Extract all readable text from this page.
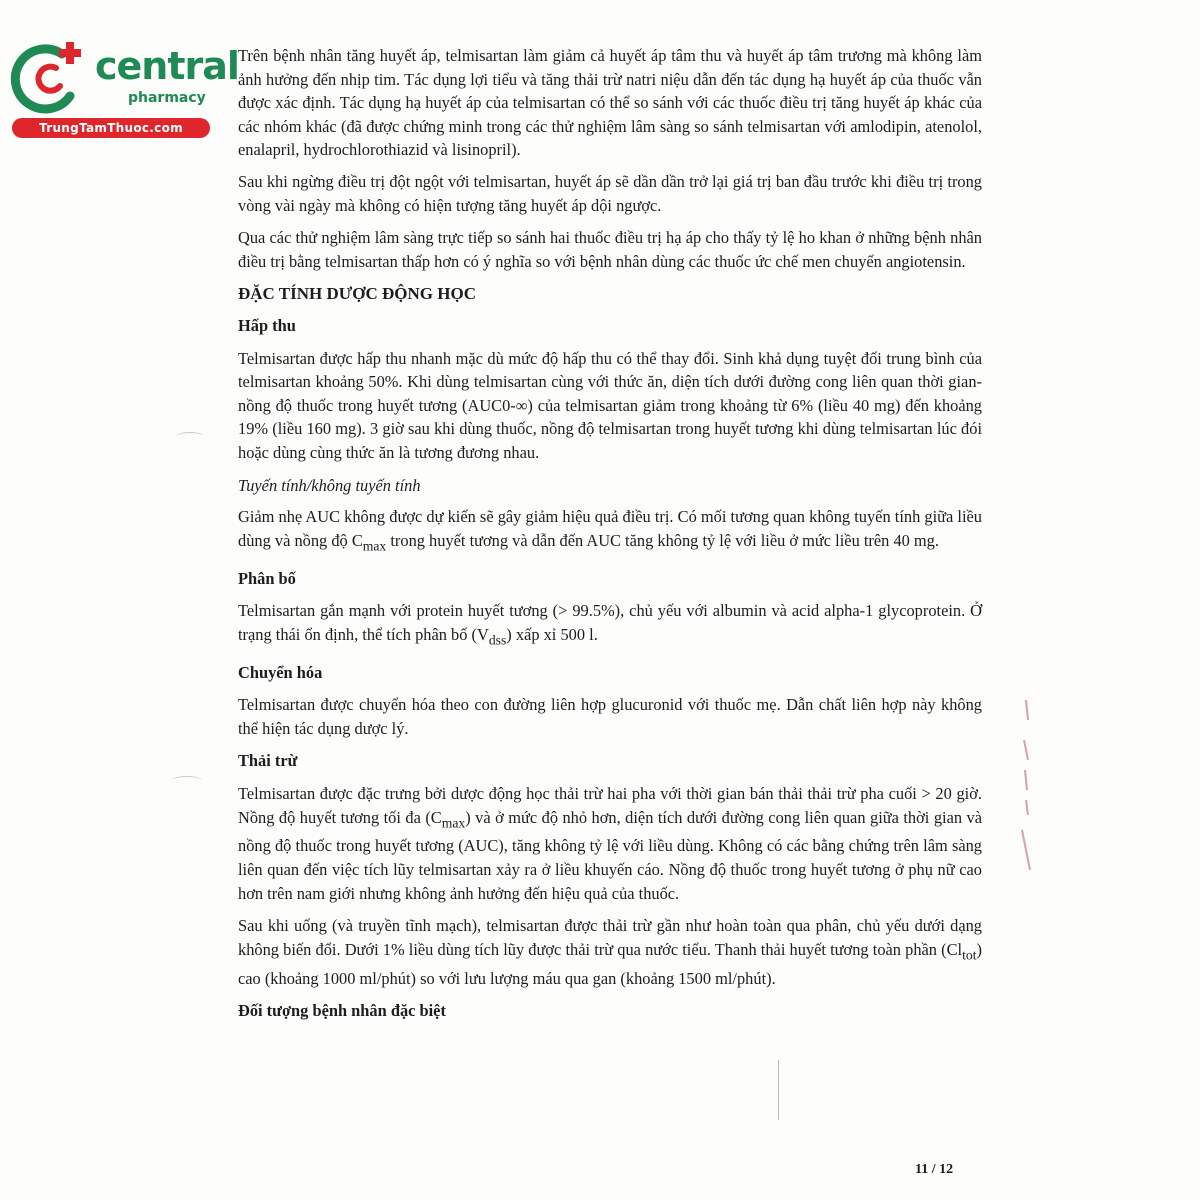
central
pharmacy
TrungTamThuoc.com

Trên bệnh nhân tăng huyết áp, telmisartan làm giảm cả huyết áp tâm thu và huyết áp tâm trương mà không làm ảnh hưởng đến nhịp tim. Tác dụng lợi tiểu và tăng thải trừ natri niệu dẫn đến tác dụng hạ huyết áp của thuốc vẫn được xác định. Tác dụng hạ huyết áp của telmisartan có thể so sánh với các thuốc điều trị tăng huyết áp khác của các nhóm khác (đã được chứng minh trong các thử nghiệm lâm sàng so sánh telmisartan với amlodipin, atenolol, enalapril, hydrochlorothiazid và lisinopril).

Sau khi ngừng điều trị đột ngột với telmisartan, huyết áp sẽ dần dần trở lại giá trị ban đầu trước khi điều trị trong vòng vài ngày mà không có hiện tượng tăng huyết áp dội ngược.

Qua các thử nghiệm lâm sàng trực tiếp so sánh hai thuốc điều trị hạ áp cho thấy tỷ lệ ho khan ở những bệnh nhân điều trị bằng telmisartan thấp hơn có ý nghĩa so với bệnh nhân dùng các thuốc ức chế men chuyển angiotensin.

ĐẶC TÍNH DƯỢC ĐỘNG HỌC

Hấp thu

Telmisartan được hấp thu nhanh mặc dù mức độ hấp thu có thể thay đổi. Sinh khả dụng tuyệt đối trung bình của telmisartan khoảng 50%. Khi dùng telmisartan cùng với thức ăn, diện tích dưới đường cong liên quan thời gian-nồng độ thuốc trong huyết tương (AUC0-∞) của telmisartan giảm trong khoảng từ 6% (liều 40 mg) đến khoảng 19% (liều 160 mg). 3 giờ sau khi dùng thuốc, nồng độ telmisartan trong huyết tương khi dùng telmisartan lúc đói hoặc dùng cùng thức ăn là tương đương nhau.

Tuyến tính/không tuyến tính

Giảm nhẹ AUC không được dự kiến sẽ gây giảm hiệu quả điều trị. Có mối tương quan không tuyến tính giữa liều dùng và nồng độ $C_{max}$ trong huyết tương và dẫn đến AUC tăng không tỷ lệ với liều ở mức liều trên 40 mg.

Phân bố

Telmisartan gắn mạnh với protein huyết tương (> 99.5%), chủ yếu với albumin và acid alpha-1 glycoprotein. Ở trạng thái ổn định, thể tích phân bố $(V_{dss})$ xấp xỉ 500 l.

Chuyển hóa

Telmisartan được chuyển hóa theo con đường liên hợp glucuronid với thuốc mẹ. Dẫn chất liên hợp này không thể hiện tác dụng dược lý.

Thải trừ

Telmisartan được đặc trưng bởi dược động học thải trừ hai pha với thời gian bán thải thải trừ pha cuối > 20 giờ. Nồng độ huyết tương tối đa $(C_{max})$ và ở mức độ nhỏ hơn, diện tích dưới đường cong liên quan giữa thời gian và nồng độ thuốc trong huyết tương (AUC), tăng không tỷ lệ với liều dùng. Không có các bằng chứng trên lâm sàng liên quan đến việc tích lũy telmisartan xảy ra ở liều khuyến cáo. Nồng độ thuốc trong huyết tương ở phụ nữ cao hơn trên nam giới nhưng không ảnh hưởng đến hiệu quả của thuốc.

Sau khi uống (và truyền tĩnh mạch), telmisartan được thải trừ gần như hoàn toàn qua phân, chủ yếu dưới dạng không biến đổi. Dưới 1% liều dùng tích lũy được thải trừ qua nước tiểu. Thanh thải huyết tương toàn phần $(Cl_{tot})$ cao (khoảng 1000 ml/phút) so với lưu lượng máu qua gan (khoảng 1500 ml/phút).

Đối tượng bệnh nhân đặc biệt

11 / 12
